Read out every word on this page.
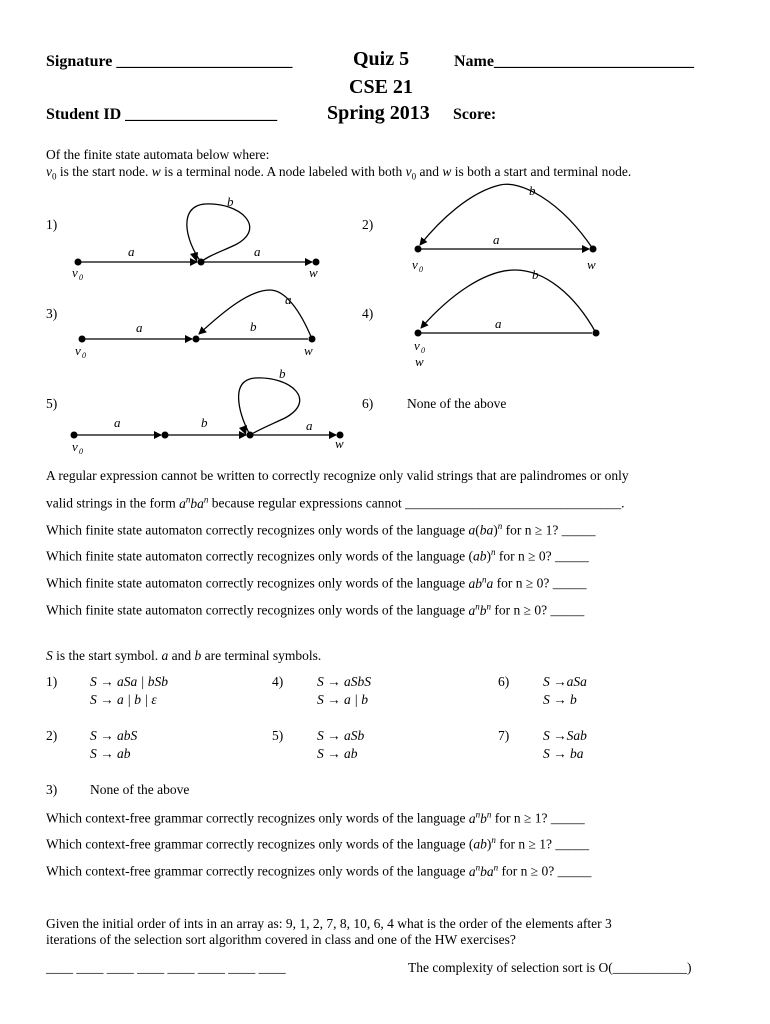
Signature ______________________	Quiz 5	Name_________________________
CSE 21
Student ID ___________________ Spring 2013 Score:
Of the finite state automata below where:
$v_0$ is the start node. w is a terminal node. A node labeled with both $v_0$ and w is both a start and terminal node.
1)	2)
3)	4)
5)	6)	None of the above
a	a
b
v 0	w
a
b
v 0	w
a	b
a
v 0	w
a
b
v 0
w
a	b	a
b
v 0
w
A regular expression cannot be written to correctly recognize only valid strings that are palindromes or only
valid strings in the form $a^nba^n$ because regular expressions cannot ________________________________.
Which finite state automaton correctly recognizes only words of the language a(ba)$^n$ for n ≥ 1? _____
Which finite state automaton correctly recognizes only words of the language (ab)$^n$ for n ≥ 0? _____
Which finite state automaton correctly recognizes only words of the language $ab^na$ for n ≥ 0? _____
Which finite state automaton correctly recognizes only words of the language $a^nb^n$ for n ≥ 0? _____
S is the start symbol. a and b are terminal symbols.
1) S → aSa | bSb
S → a | b | ε
4)	S → aSbS
S → a | b
6)	S →aSa
S → b
2) S → abS
S → ab
5)	S → aSb
S → ab
7)	S →Sab
S → ba
3) None of the above
Which context-free grammar correctly recognizes only words of the language $a^nb^n$ for n ≥ 1? _____
Which context-free grammar correctly recognizes only words of the language (ab)$^n$ for n ≥ 1? _____
Which context-free grammar correctly recognizes only words of the language $a^nba^n$ for n ≥ 0? _____
Given the initial order of ints in an array as: 9, 1, 2, 7, 8, 10, 6, 4 what is the order of the elements after 3
iterations of the selection sort algorithm covered in class and one of the HW exercises?
____ ____ ____ ____ ____ ____ ____ ____	The complexity of selection sort is O(___________)
